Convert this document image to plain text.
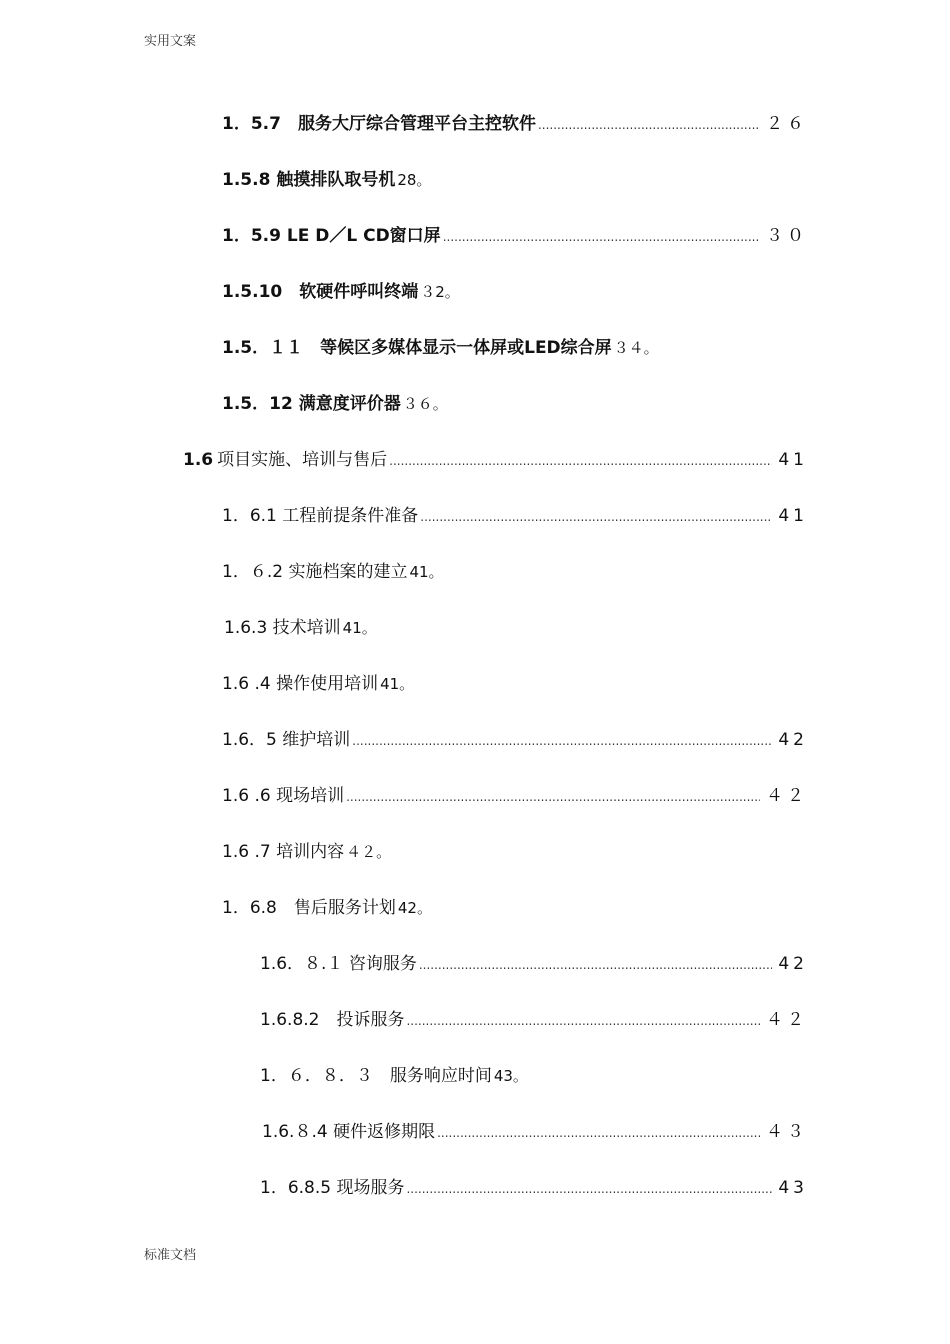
实用文案
1．5.7　服务大厅综合管理平台主控软件 .....	２６
1.5.8 触摸排队取号机 28。
1．5.9 LE D／L CD窗口屏 .....	３０
1.5.10　软硬件呼叫终端 ３2。
1.5．１１　等候区多媒体显示一体屏或LED综合屏 ３４。
1.5．12 满意度评价器 ３６。
1.6 项目实施、培训与售后 .....	41
1．6.1 工程前提条件准备 .....	41
1．６.2 实施档案的建立 41。
1.6.3 技术培训 41。
1.6 .4 操作使用培训 41。
1.6．5 维护培训 .....	42
1.6 .6 现场培训 .....	４２
1.6 .7 培训内容 ４２。
1．6.8　售后服务计划 42。
1.6．８.１ 咨询服务 .....	42
1.6.8.2　投诉服务 .....	４２
1．６．８．３　服务响应时间 43。
1.6.８.4 硬件返修期限 .....	４３
1．6.8.5 现场服务 .....	43
标准文档
